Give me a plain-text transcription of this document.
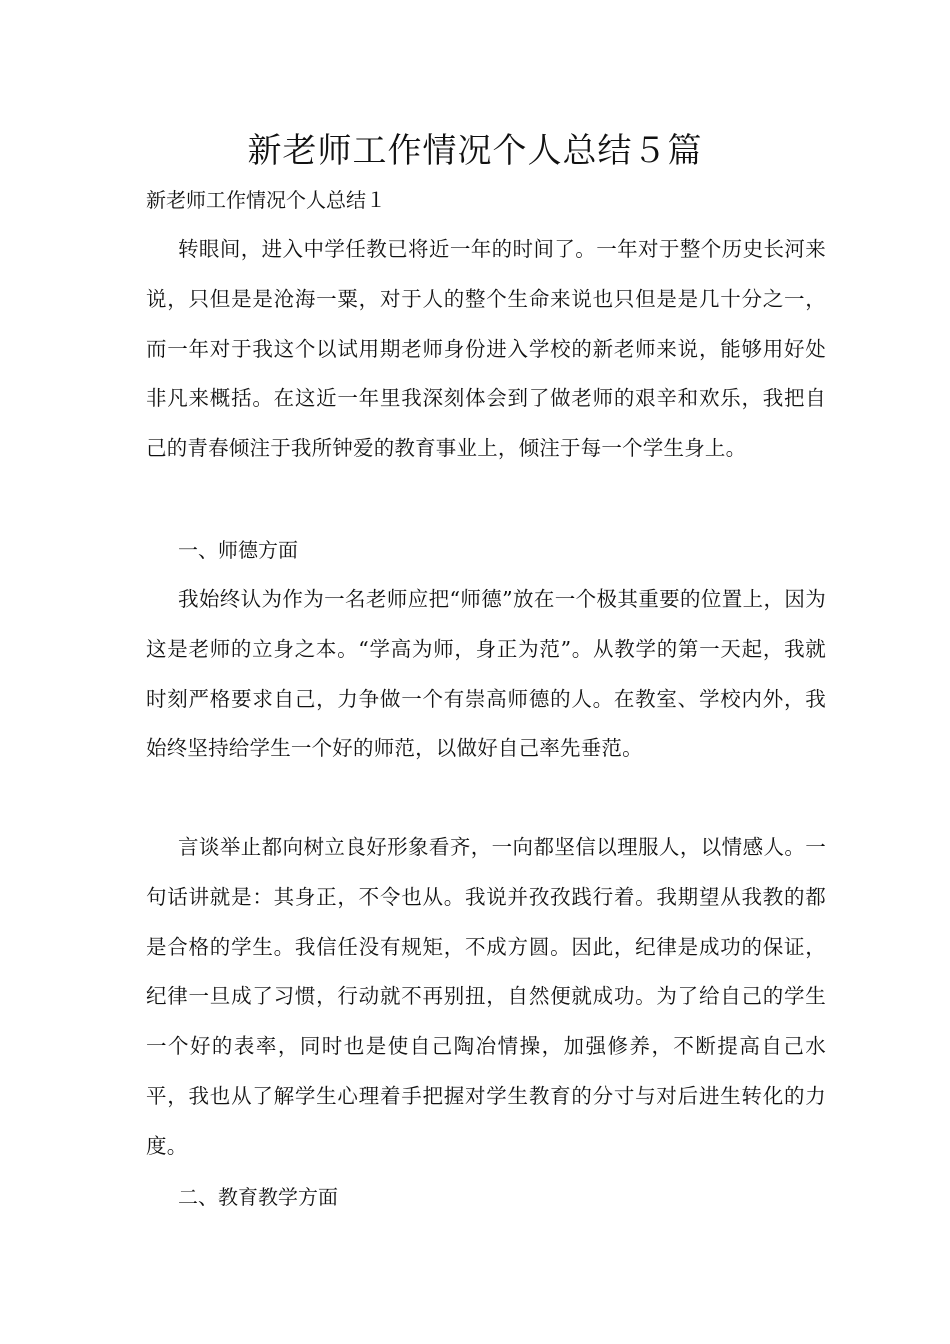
新老师工作情况个人总结５篇

新老师工作情况个人总结１

转眼间，进入中学任教已将近一年的时间了。一年对于整个历史长河来说，只但是是沧海一粟，对于人的整个生命来说也只但是是几十分之一，而一年对于我这个以试用期老师身份进入学校的新老师来说，能够用好处非凡来概括。在这近一年里我深刻体会到了做老师的艰辛和欢乐，我把自己的青春倾注于我所钟爱的教育事业上，倾注于每一个学生身上。

一、师德方面

我始终认为作为一名老师应把“师德”放在一个极其重要的位置上，因为这是老师的立身之本。“学高为师，身正为范”。从教学的第一天起，我就时刻严格要求自己，力争做一个有崇高师德的人。在教室、学校内外，我始终坚持给学生一个好的师范，以做好自己率先垂范。

言谈举止都向树立良好形象看齐，一向都坚信以理服人，以情感人。一句话讲就是：其身正，不令也从。我说并孜孜践行着。我期望从我教的都是合格的学生。我信任没有规矩，不成方圆。因此，纪律是成功的保证，纪律一旦成了习惯，行动就不再别扭，自然便就成功。为了给自己的学生一个好的表率，同时也是使自己陶冶情操，加强修养，不断提高自己水平，我也从了解学生心理着手把握对学生教育的分寸与对后进生转化的力度。

二、教育教学方面
